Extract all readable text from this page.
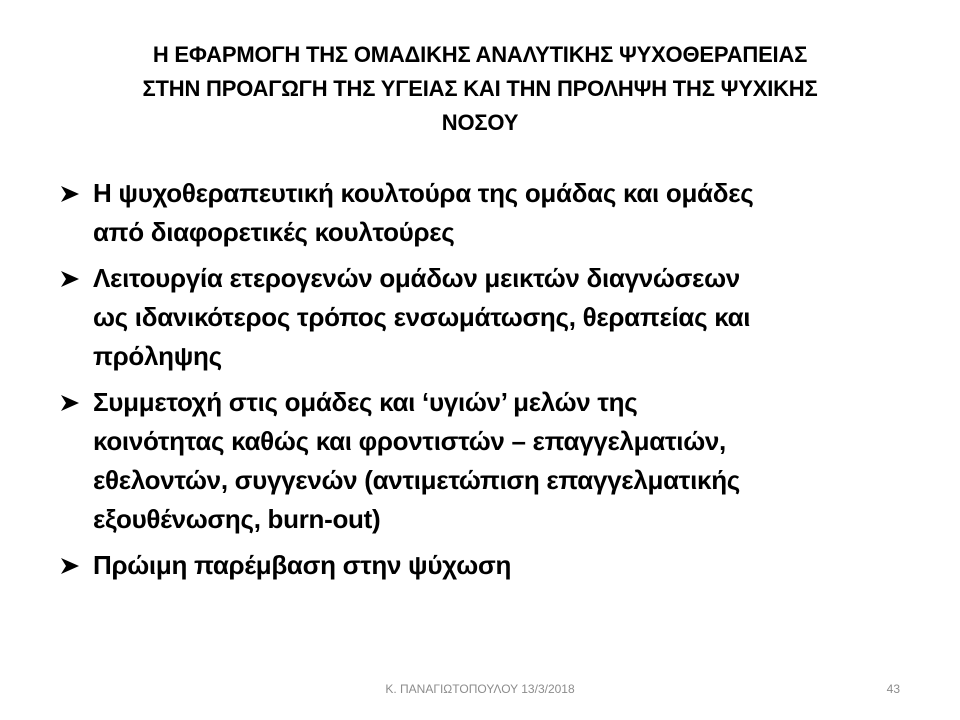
Η ΕΦΑΡΜΟΓΗ ΤΗΣ ΟΜΑΔΙΚΗΣ ΑΝΑΛΥΤΙΚΗΣ ΨΥΧΟΘΕΡΑΠΕΙΑΣ
ΣΤΗΝ ΠΡΟΑΓΩΓΗ ΤΗΣ ΥΓΕΙΑΣ ΚΑΙ ΤΗΝ ΠΡΟΛΗΨΗ ΤΗΣ ΨΥΧΙΚΗΣ
ΝΟΣΟΥ
Η ψυχοθεραπευτική κουλτούρα της ομάδας και ομάδες
από διαφορετικές κουλτούρες
Λειτουργία ετερογενών ομάδων μεικτών διαγνώσεων
ως ιδανικότερος τρόπος ενσωμάτωσης, θεραπείας και
πρόληψης
Συμμετοχή στις ομάδες και ‘υγιών’ μελών της
κοινότητας καθώς και φροντιστών – επαγγελματιών,
εθελοντών, συγγενών (αντιμετώπιση επαγγελματικής
εξουθένωσης, burn-out)
Πρώιμη παρέμβαση στην ψύχωση
Κ. ΠΑΝΑΓΙΩΤΟΠΟΥΛΟΥ 13/3/2018	43
